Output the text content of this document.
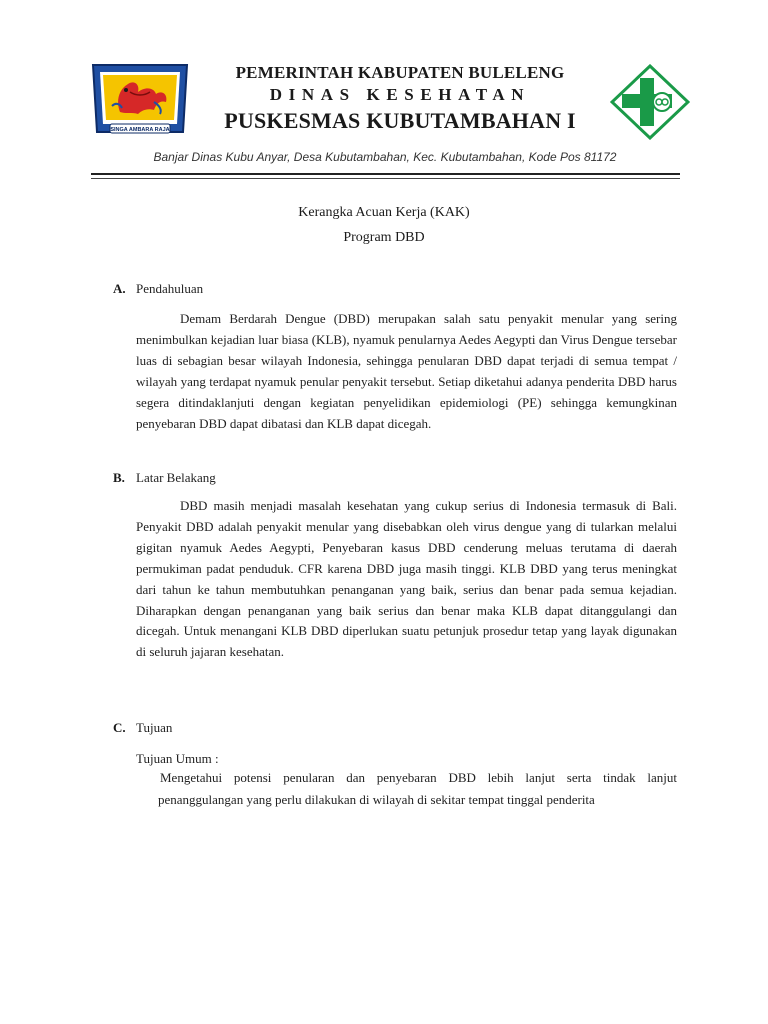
SINGA AMBARA RAJA
PEMERINTAH KABUPATEN BULELENG
DINAS KESEHATAN
PUSKESMAS KUBUTAMBAHAN I
Banjar Dinas Kubu Anyar, Desa Kubutambahan, Kec. Kubutambahan, Kode Pos 81172
Kerangka Acuan Kerja (KAK)
Program DBD
A. Pendahuluan

Demam Berdarah Dengue (DBD) merupakan salah satu penyakit menular yang sering menimbulkan kejadian luar biasa (KLB), nyamuk penularnya Aedes Aegypti dan Virus Dengue tersebar luas di sebagian besar wilayah Indonesia, sehingga penularan DBD dapat terjadi di semua tempat / wilayah yang terdapat nyamuk penular penyakit tersebut. Setiap diketahui adanya penderita DBD harus segera ditindaklanjuti dengan kegiatan penyelidikan epidemiologi (PE) sehingga kemungkinan penyebaran DBD dapat dibatasi dan KLB dapat dicegah.

B. Latar Belakang

DBD masih menjadi masalah kesehatan yang cukup serius di Indonesia termasuk di Bali. Penyakit DBD adalah penyakit menular yang disebabkan oleh virus dengue yang di tularkan melalui gigitan nyamuk Aedes Aegypti, Penyebaran kasus DBD cenderung meluas terutama di daerah permukiman padat penduduk. CFR karena DBD juga masih tinggi. KLB DBD yang terus meningkat dari tahun ke tahun membutuhkan penanganan yang baik, serius dan benar pada semua kejadian. Diharapkan dengan penanganan yang baik serius dan benar maka KLB dapat ditanggulangi dan dicegah. Untuk menangani KLB DBD diperlukan suatu petunjuk prosedur tetap yang layak digunakan di seluruh jajaran kesehatan.

C. Tujuan
Tujuan Umum :

Mengetahui potensi penularan dan penyebaran DBD lebih lanjut serta tindak lanjut penanggulangan yang perlu dilakukan di wilayah di sekitar tempat tinggal penderita
